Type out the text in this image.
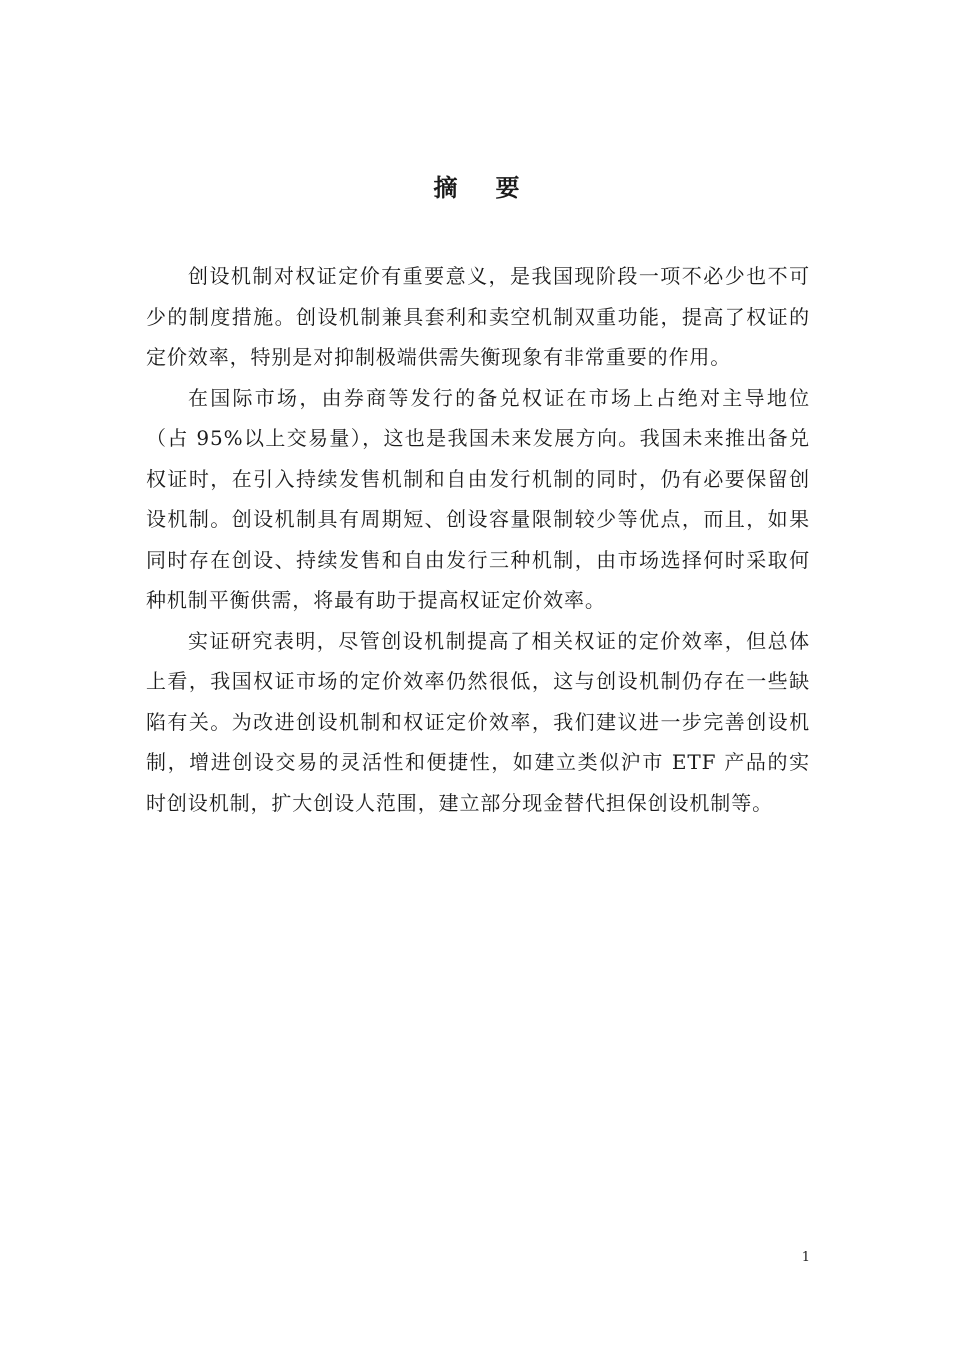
摘要

创设机制对权证定价有重要意义，是我国现阶段一项不必少也不可少的制度措施。创设机制兼具套利和卖空机制双重功能，提高了权证的定价效率，特别是对抑制极端供需失衡现象有非常重要的作用。

在国际市场，由券商等发行的备兑权证在市场上占绝对主导地位（占 95%以上交易量），这也是我国未来发展方向。我国未来推出备兑权证时，在引入持续发售机制和自由发行机制的同时，仍有必要保留创设机制。创设机制具有周期短、创设容量限制较少等优点，而且，如果同时存在创设、持续发售和自由发行三种机制，由市场选择何时采取何种机制平衡供需，将最有助于提高权证定价效率。

实证研究表明，尽管创设机制提高了相关权证的定价效率，但总体上看，我国权证市场的定价效率仍然很低，这与创设机制仍存在一些缺陷有关。为改进创设机制和权证定价效率，我们建议进一步完善创设机制，增进创设交易的灵活性和便捷性，如建立类似沪市 ETF 产品的实时创设机制，扩大创设人范围，建立部分现金替代担保创设机制等。

1
